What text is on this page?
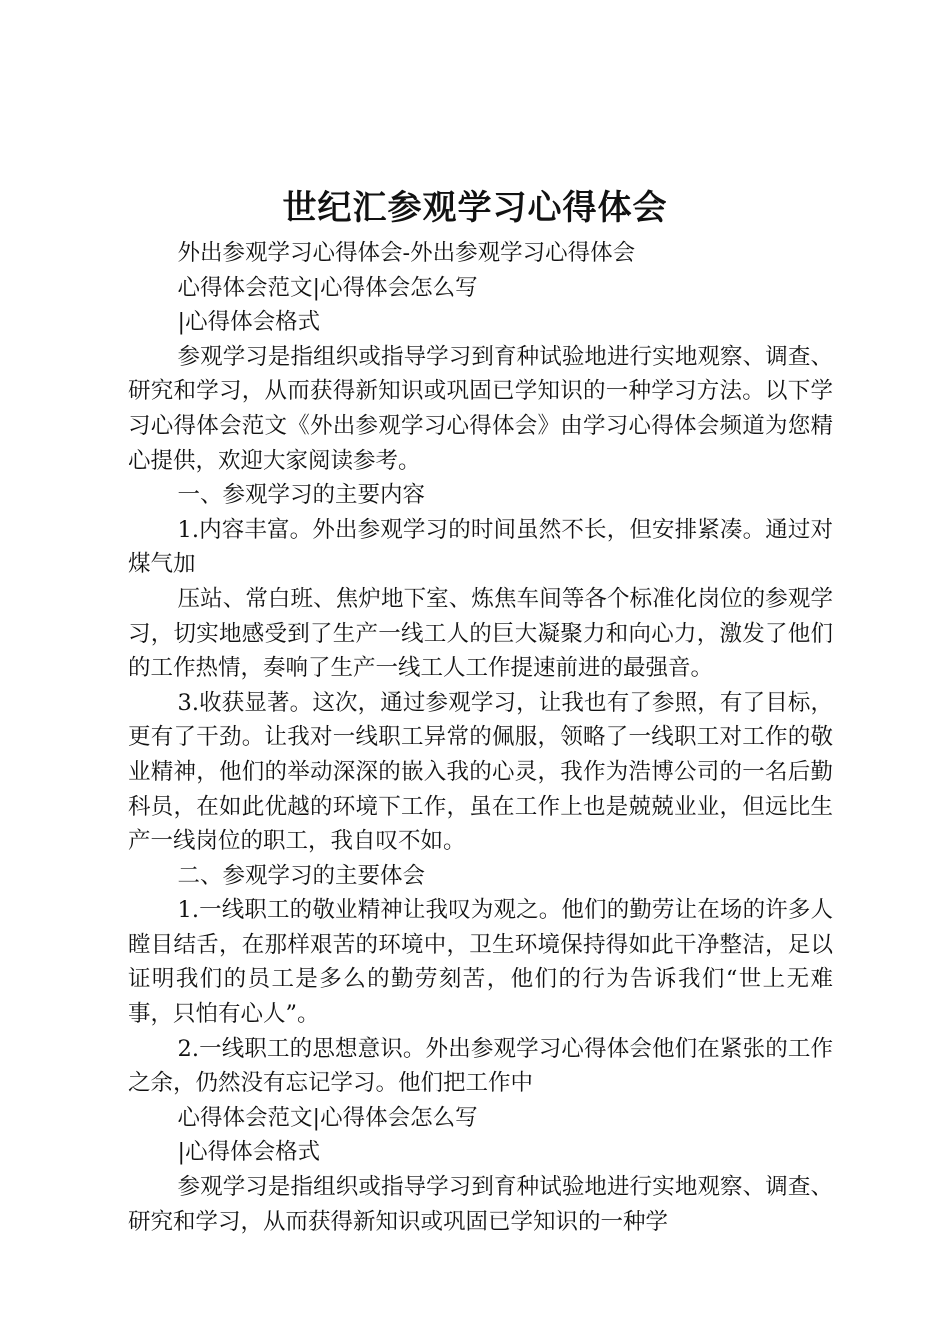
世纪汇参观学习心得体会

外出参观学习心得体会-外出参观学习心得体会

心得体会范文|心得体会怎么写

|心得体会格式

参观学习是指组织或指导学习到育种试验地进行实地观察、调查、研究和学习，从而获得新知识或巩固已学知识的一种学习方法。以下学习心得体会范文《外出参观学习心得体会》由学习心得体会频道为您精心提供，欢迎大家阅读参考。

一、参观学习的主要内容

1.内容丰富。外出参观学习的时间虽然不长，但安排紧凑。通过对煤气加

压站、常白班、焦炉地下室、炼焦车间等各个标准化岗位的参观学习，切实地感受到了生产一线工人的巨大凝聚力和向心力，激发了他们的工作热情，奏响了生产一线工人工作提速前进的最强音。

3.收获显著。这次，通过参观学习，让我也有了参照，有了目标，更有了干劲。让我对一线职工异常的佩服，领略了一线职工对工作的敬业精神，他们的举动深深的嵌入我的心灵，我作为浩博公司的一名后勤科员，在如此优越的环境下工作，虽在工作上也是兢兢业业，但远比生产一线岗位的职工，我自叹不如。

二、参观学习的主要体会

1.一线职工的敬业精神让我叹为观之。他们的勤劳让在场的许多人瞠目结舌，在那样艰苦的环境中，卫生环境保持得如此干净整洁，足以证明我们的员工是多么的勤劳刻苦，他们的行为告诉我们“世上无难事，只怕有心人”。

2.一线职工的思想意识。外出参观学习心得体会他们在紧张的工作之余，仍然没有忘记学习。他们把工作中

心得体会范文|心得体会怎么写

|心得体会格式

参观学习是指组织或指导学习到育种试验地进行实地观察、调查、研究和学习，从而获得新知识或巩固已学知识的一种学
